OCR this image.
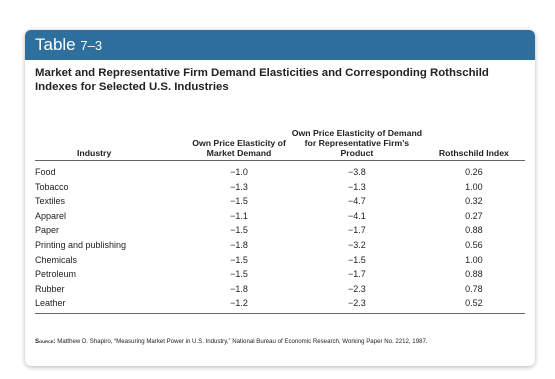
Table 7–3
Market and Representative Firm Demand Elasticities and Corresponding Rothschild Indexes for Selected U.S. Industries
Industry	Own Price Elasticity of Market Demand	Own Price Elasticity of Demand for Representative Firm’s Product	Rothschild Index
Food	−1.0	−3.8	0.26
Tobacco	−1.3	−1.3	1.00
Textiles	−1.5	−4.7	0.32
Apparel	−1.1	−4.1	0.27
Paper	−1.5	−1.7	0.88
Printing and publishing	−1.8	−3.2	0.56
Chemicals	−1.5	−1.5	1.00
Petroleum	−1.5	−1.7	0.88
Rubber	−1.8	−2.3	0.78
Leather	−1.2	−2.3	0.52
Source: Matthew D. Shapiro, “Measuring Market Power in U.S. Industry,” National Bureau of Economic Research, Working Paper No. 2212, 1987.
